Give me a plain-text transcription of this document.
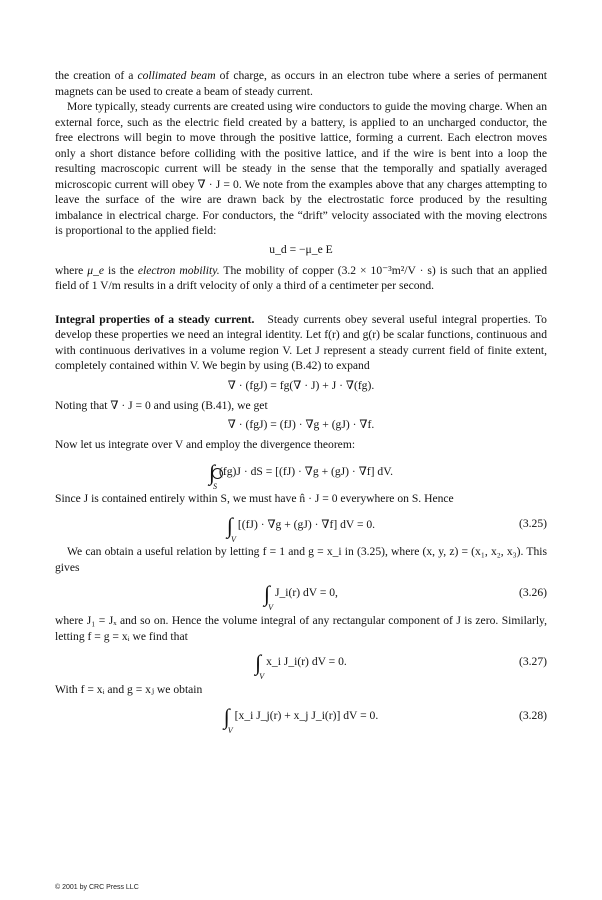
the creation of a collimated beam of charge, as occurs in an electron tube where a series of permanent magnets can be used to create a beam of steady current.

More typically, steady currents are created using wire conductors to guide the moving charge. When an external force, such as the electric field created by a battery, is applied to an uncharged conductor, the free electrons will begin to move through the positive lattice, forming a current. Each electron moves only a short distance before colliding with the positive lattice, and if the wire is bent into a loop the resulting macroscopic current will be steady in the sense that the temporally and spatially averaged microscopic current will obey ∇ · J = 0. We note from the examples above that any charges attempting to leave the surface of the wire are drawn back by the electrostatic force produced by the resulting imbalance in electrical charge. For conductors, the “drift” velocity associated with the moving electrons is proportional to the applied field:

u_d = −μ_e E

where μ_e is the electron mobility. The mobility of copper (3.2 × 10⁻³m²/V · s) is such that an applied field of 1 V/m results in a drift velocity of only a third of a centimeter per second.

Integral properties of a steady current. Steady currents obey several useful integral properties. To develop these properties we need an integral identity. Let f(r) and g(r) be scalar functions, continuous and with continuous derivatives in a volume region V. Let J represent a steady current field of finite extent, completely contained within V. We begin by using (B.42) to expand

∇ · (fgJ) = fg(∇ · J) + J · ∇(fg).

Noting that ∇ · J = 0 and using (B.41), we get

∇ · (fgJ) = (fJ) · ∇g + (gJ) · ∇f.

Now let us integrate over V and employ the divergence theorem:

∫
$_S$(fg)J · dS = [(fJ) · ∇g + (gJ) · ∇f] dV.

Since J is contained entirely within S, we must have n̂ · J = 0 everywhere on S. Hence

$\int_V[(fJ) \cdot \nabla g + (gJ) \cdot \nabla f]$ dV = 0.	(3.25)

We can obtain a useful relation by letting f = 1 and g = x_i in (3.25), where (x, y, z) = (x₁, x₂, x₃). This gives

$\int_VJ\_i(r)$ dV = 0,	(3.26)

where J₁ = Jₓ and so on. Hence the volume integral of any rectangular component of J is zero. Similarly, letting f = g = xᵢ we find that

$\int_Vx\_i$ J_i(r) dV = 0.	(3.27)

With f = xᵢ and g = xⱼ we obtain

$\int_V[x\_i$ J_j(r) + x_j J_i(r)] dV = 0.	(3.28)
© 2001 by CRC Press LLC
